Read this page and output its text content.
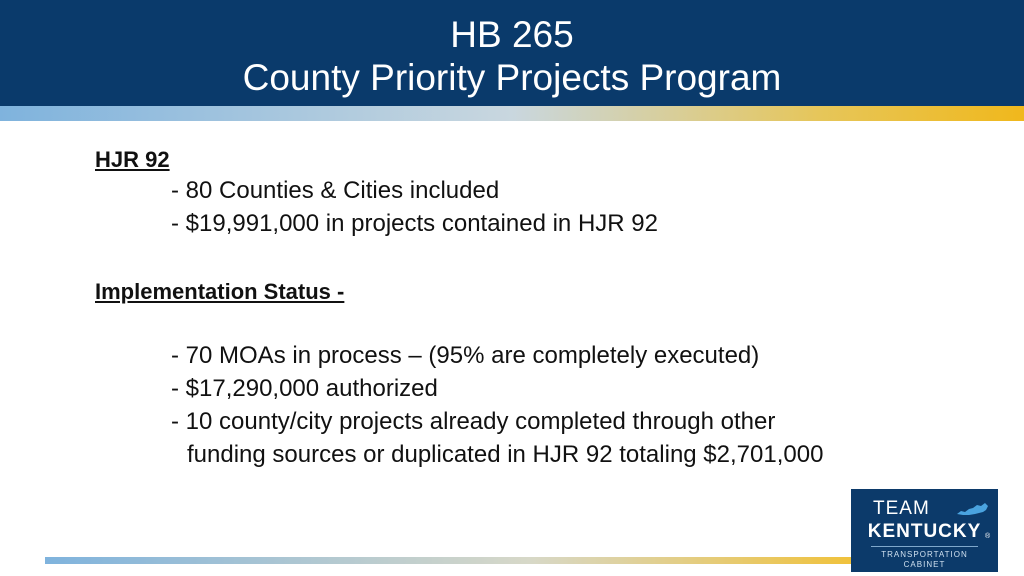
HB 265
County Priority Projects Program
HJR 92
- 80 Counties & Cities included
- $19,991,000 in projects contained in HJR 92
Implementation Status -
- 70 MOAs in process – (95% are completely executed)
- $17,290,000 authorized
- 10 county/city projects already completed through other
funding sources or duplicated in HJR 92 totaling $2,701,000
TEAM
KENTUCKY ®
TRANSPORTATION
CABINET
